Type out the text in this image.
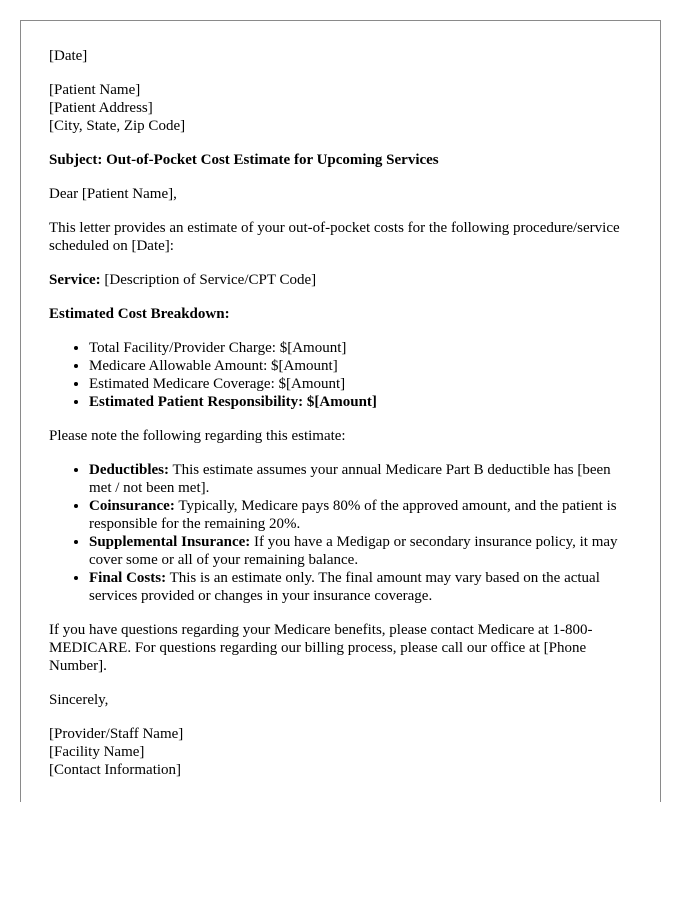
[Date]

[Patient Name]
[Patient Address]
[City, State, Zip Code]

Subject: Out-of-Pocket Cost Estimate for Upcoming Services

Dear [Patient Name],

This letter provides an estimate of your out-of-pocket costs for the following procedure/service scheduled on [Date]:

Service: [Description of Service/CPT Code]

Estimated Cost Breakdown:

• Total Facility/Provider Charge: $[Amount]
• Medicare Allowable Amount: $[Amount]
• Estimated Medicare Coverage: $[Amount]
• Estimated Patient Responsibility: $[Amount]

Please note the following regarding this estimate:

• Deductibles: This estimate assumes your annual Medicare Part B deductible has [been met / not been met].
• Coinsurance: Typically, Medicare pays 80% of the approved amount, and the patient is responsible for the remaining 20%.
• Supplemental Insurance: If you have a Medigap or secondary insurance policy, it may cover some or all of your remaining balance.
• Final Costs: This is an estimate only. The final amount may vary based on the actual services provided or changes in your insurance coverage.

If you have questions regarding your Medicare benefits, please contact Medicare at 1-800-MEDICARE. For questions regarding our billing process, please call our office at [Phone Number].

Sincerely,

[Provider/Staff Name]
[Facility Name]
[Contact Information]
